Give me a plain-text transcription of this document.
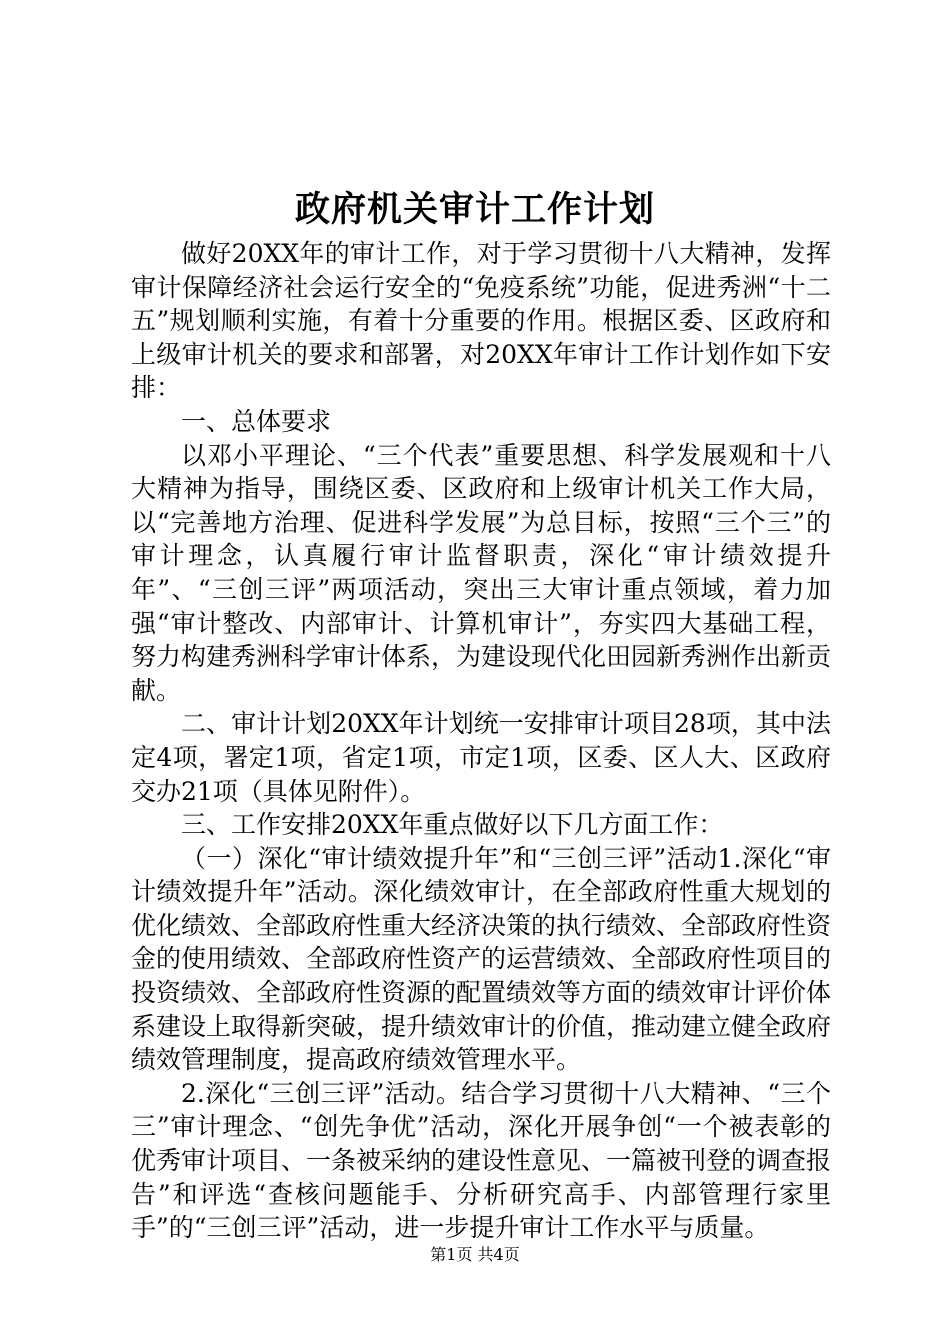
政府机关审计工作计划

做好20XX年的审计工作，对于学习贯彻十八大精神，发挥审计保障经济社会运行安全的“免疫系统”功能，促进秀洲“十二五”规划顺利实施，有着十分重要的作用。根据区委、区政府和上级审计机关的要求和部署，对20XX年审计工作计划作如下安排：

一、总体要求

以邓小平理论、“三个代表”重要思想、科学发展观和十八大精神为指导，围绕区委、区政府和上级审计机关工作大局，以“完善地方治理、促进科学发展”为总目标，按照“三个三”的审计理念，认真履行审计监督职责，深化“审计绩效提升年”、“三创三评”两项活动，突出三大审计重点领域，着力加强“审计整改、内部审计、计算机审计”，夯实四大基础工程，努力构建秀洲科学审计体系，为建设现代化田园新秀洲作出新贡献。

二、审计计划20XX年计划统一安排审计项目28项，其中法定4项，署定1项，省定1项，市定1项，区委、区人大、区政府交办21项（具体见附件）。

三、工作安排20XX年重点做好以下几方面工作：

（一）深化“审计绩效提升年”和“三创三评”活动1.深化“审计绩效提升年”活动。深化绩效审计，在全部政府性重大规划的优化绩效、全部政府性重大经济决策的执行绩效、全部政府性资金的使用绩效、全部政府性资产的运营绩效、全部政府性项目的投资绩效、全部政府性资源的配置绩效等方面的绩效审计评价体系建设上取得新突破，提升绩效审计的价值，推动建立健全政府绩效管理制度，提高政府绩效管理水平。

2.深化“三创三评”活动。结合学习贯彻十八大精神、“三个三”审计理念、“创先争优”活动，深化开展争创“一个被表彰的优秀审计项目、一条被采纳的建设性意见、一篇被刊登的调查报告”和评选“查核问题能手、分析研究高手、内部管理行家里手”的“三创三评”活动，进一步提升审计工作水平与质量。

第1页 共4页
